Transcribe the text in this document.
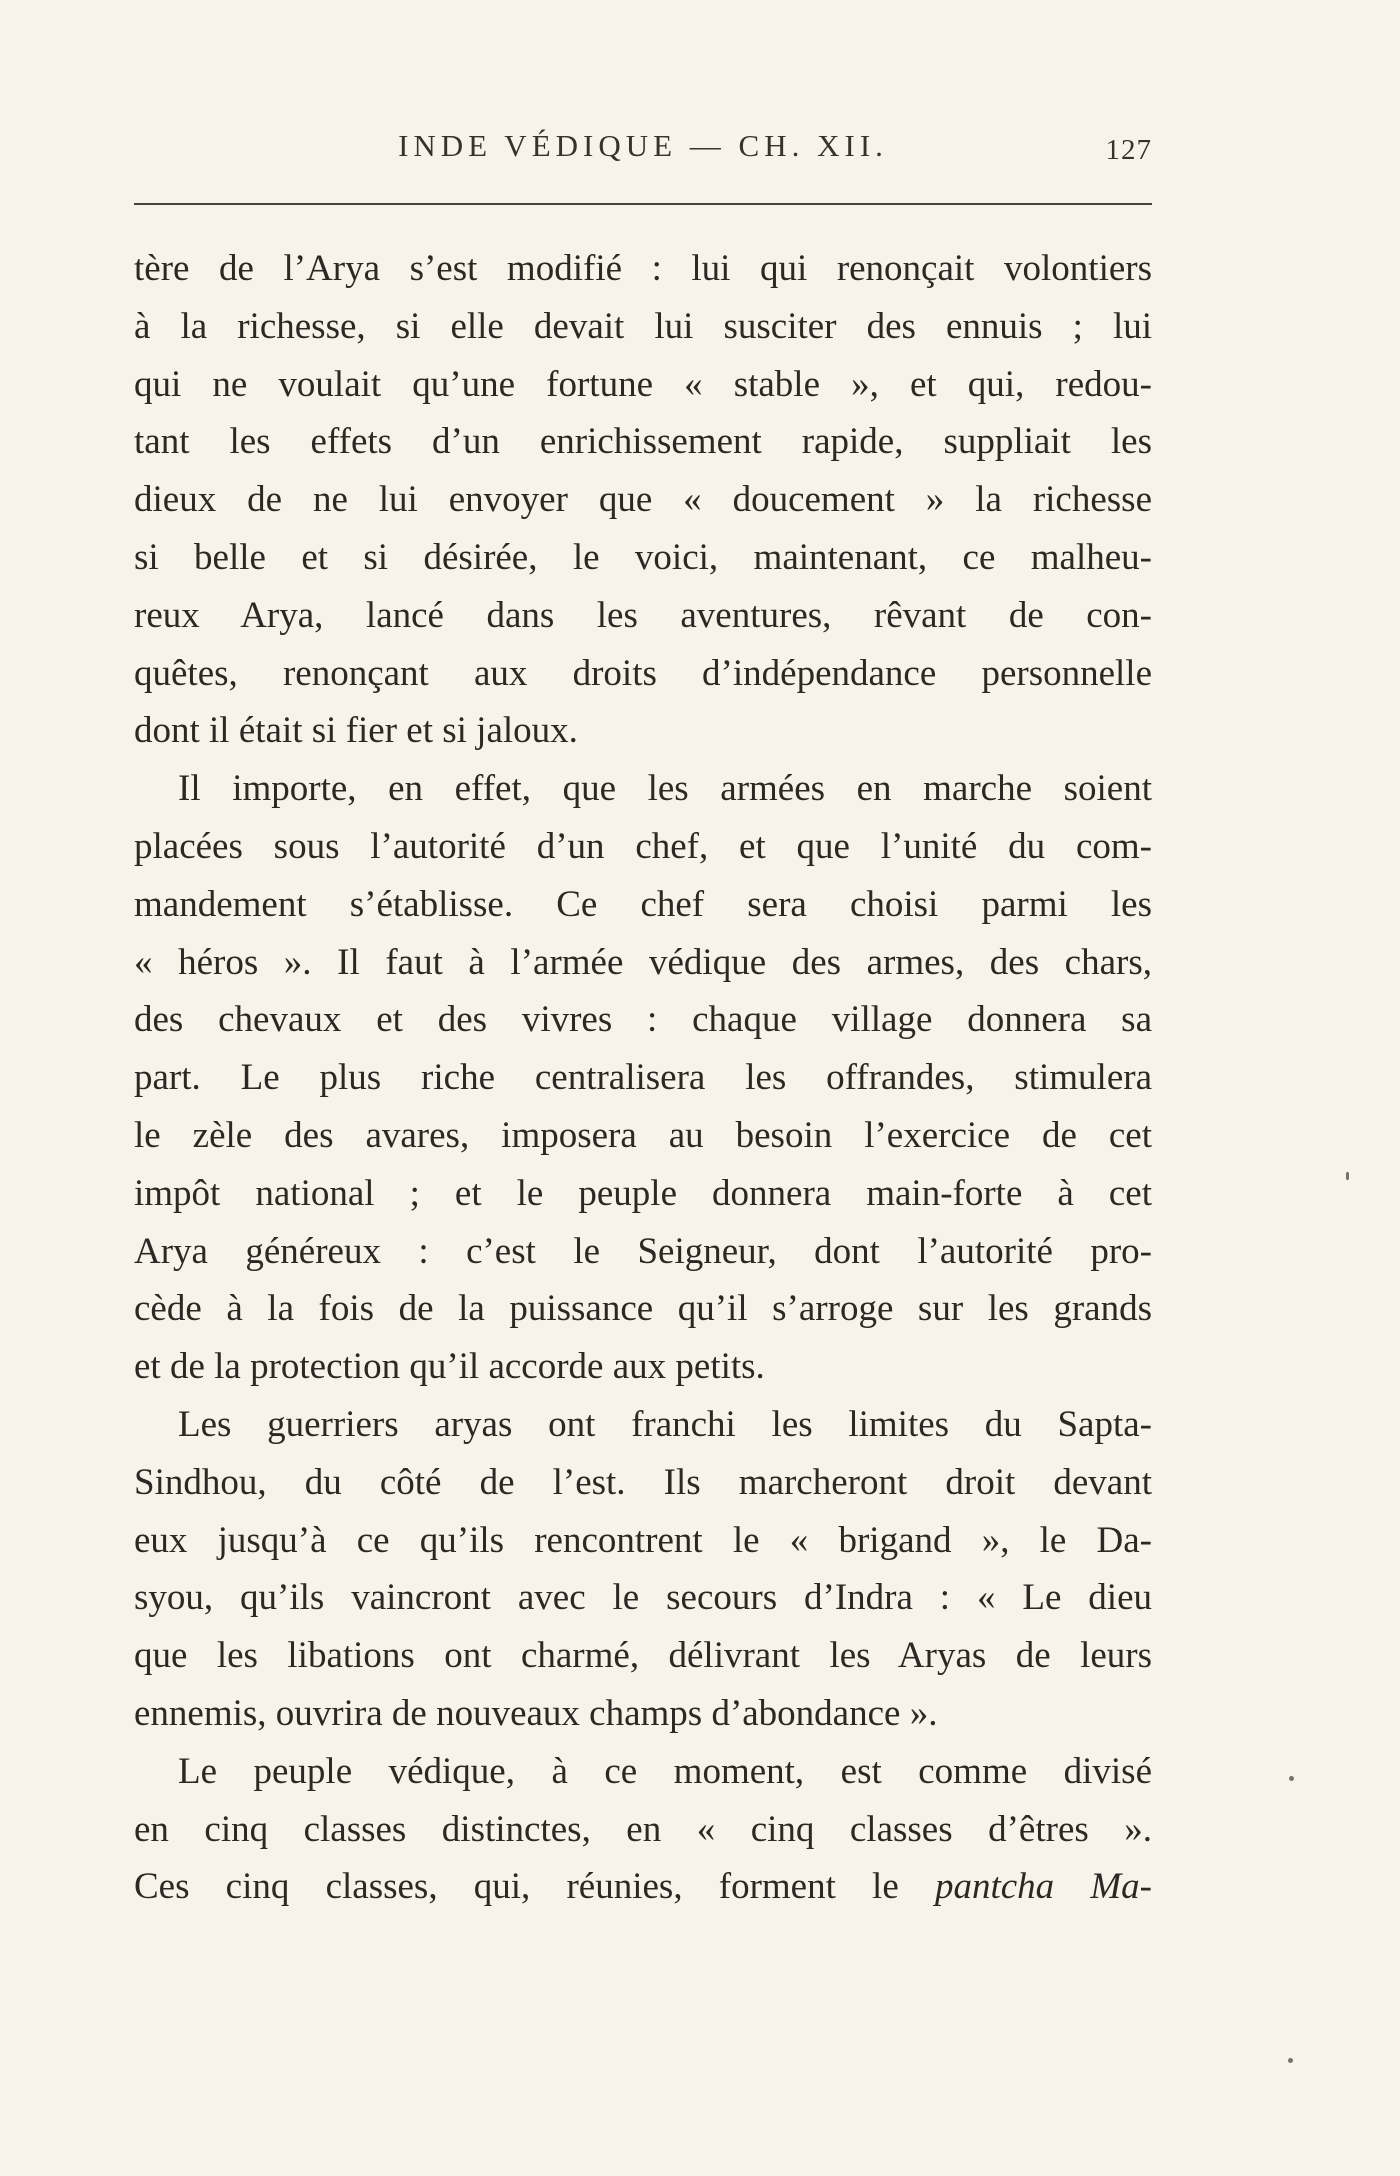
INDE VÉDIQUE — CH. XII.	127
tère de l’Arya s’est modifié : lui qui renonçait volontiers
à la richesse, si elle devait lui susciter des ennuis ; lui
qui ne voulait qu’une fortune « stable », et qui, redou-
tant les effets d’un enrichissement rapide, suppliait les
dieux de ne lui envoyer que « doucement » la richesse
si belle et si désirée, le voici, maintenant, ce malheu-
reux Arya, lancé dans les aventures, rêvant de con-
quêtes, renonçant aux droits d’indépendance personnelle
dont il était si fier et si jaloux.
Il importe, en effet, que les armées en marche soient
placées sous l’autorité d’un chef, et que l’unité du com-
mandement s’établisse. Ce chef sera choisi parmi les
« héros ». Il faut à l’armée védique des armes, des chars,
des chevaux et des vivres : chaque village donnera sa
part. Le plus riche centralisera les offrandes, stimulera
le zèle des avares, imposera au besoin l’exercice de cet
impôt national ; et le peuple donnera main-forte à cet
Arya généreux : c’est le Seigneur, dont l’autorité pro-
cède à la fois de la puissance qu’il s’arroge sur les grands
et de la protection qu’il accorde aux petits.
Les guerriers aryas ont franchi les limites du Sapta-
Sindhou, du côté de l’est. Ils marcheront droit devant
eux jusqu’à ce qu’ils rencontrent le « brigand », le Da-
syou, qu’ils vaincront avec le secours d’Indra : « Le dieu
que les libations ont charmé, délivrant les Aryas de leurs
ennemis, ouvrira de nouveaux champs d’abondance ».
Le peuple védique, à ce moment, est comme divisé
en cinq classes distinctes, en « cinq classes d’êtres ».
Ces cinq classes, qui, réunies, forment le pantcha Ma-
